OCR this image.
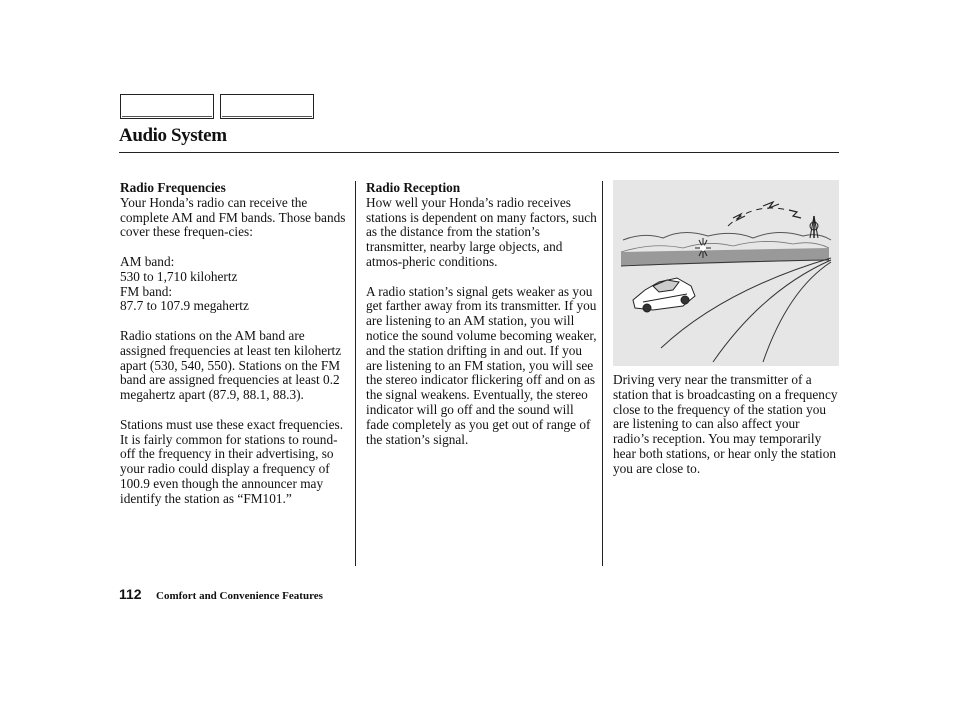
Audio System

Radio Frequencies
Your Honda’s radio can receive the complete AM and FM bands. Those bands cover these frequen-cies:

AM band:
530 to 1,710 kilohertz
FM band:
87.7 to 107.9 megahertz

Radio stations on the AM band are assigned frequencies at least ten kilohertz apart (530, 540, 550). Stations on the FM band are assigned frequencies at least 0.2 megahertz apart (87.9, 88.1, 88.3).

Stations must use these exact frequencies. It is fairly common for stations to round-off the frequency in their advertising, so your radio could display a frequency of 100.9 even though the announcer may identify the station as “FM101.”

Radio Reception
How well your Honda’s radio receives stations is dependent on many factors, such as the distance from the station’s transmitter, nearby large objects, and atmos-pheric conditions.

A radio station’s signal gets weaker as you get farther away from its transmitter. If you are listening to an AM station, you will notice the sound volume becoming weaker, and the station drifting in and out. If you are listening to an FM station, you will see the stereo indicator flickering off and on as the signal weakens. Eventually, the stereo indicator will go off and the sound will fade completely as you get out of range of the station’s signal.

Driving very near the transmitter of a station that is broadcasting on a frequency close to the frequency of the station you are listening to can also affect your radio’s reception. You may temporarily hear both stations, or hear only the station you are close to.

112 Comfort and Convenience Features
